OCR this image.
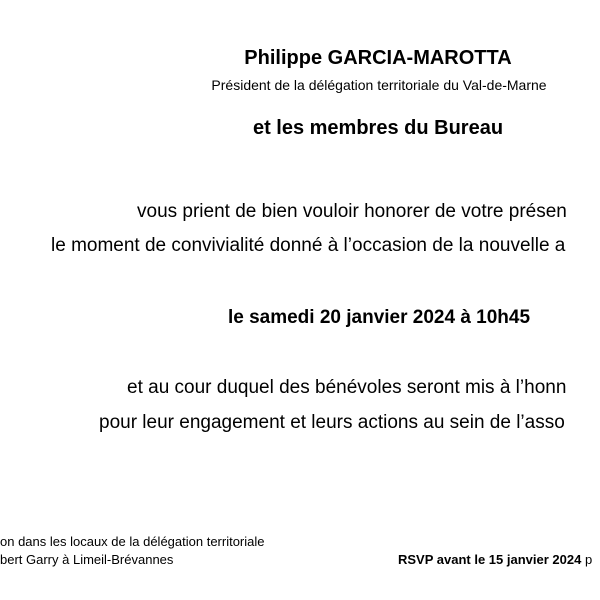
Philippe GARCIA-MAROTTA
Président de la délégation territoriale du Val-de-Marne
et les membres du Bureau
vous prient de bien vouloir honorer de votre présen
le moment de convivialité donné à l’occasion de la nouvelle a
le samedi 20 janvier 2024 à 10h45
et au cour duquel des bénévoles seront mis à l’honn
pour leur engagement et leurs actions au sein de l’asso
on dans les locaux de la délégation territoriale
bert Garry à Limeil-Brévannes	RSVP avant le 15 janvier 2024 p
